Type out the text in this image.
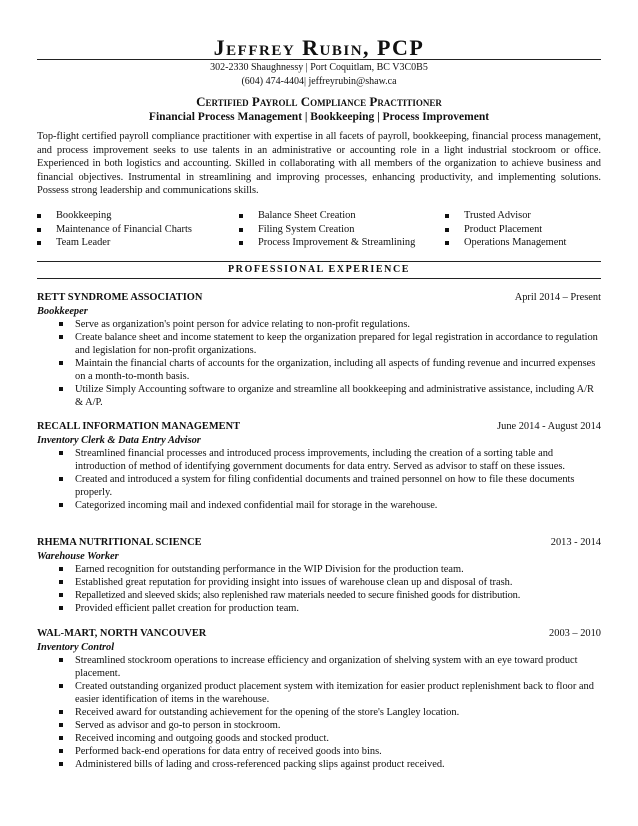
Jeffrey Rubin, PCP
302-2330 Shaughnessy | Port Coquitlam, BC V3C0B5
(604) 474-4404| jeffreyrubin@shaw.ca
Certified Payroll Compliance Practitioner
Financial Process Management | Bookkeeping | Process Improvement
Top-flight certified payroll compliance practitioner with expertise in all facets of payroll, bookkeeping, financial process management, and process improvement seeks to use talents in an administrative or accounting role in a light industrial stockroom or office. Experienced in both logistics and accounting. Skilled in collaborating with all members of the organization to achieve business and financial objectives. Instrumental in streamlining and improving processes, enhancing productivity, and implementing solutions. Possess strong leadership and communications skills.
Bookkeeping
Maintenance of Financial Charts
Team Leader
Balance Sheet Creation
Filing System Creation
Process Improvement & Streamlining
Trusted Advisor
Product Placement
Operations Management
PROFESSIONAL EXPERIENCE
RETT SYNDROME ASSOCIATION	April 2014 – Present
Bookkeeper
Serve as organization's point person for advice relating to non-profit regulations.
Create balance sheet and income statement to keep the organization prepared for legal registration in accordance to regulation and legislation for non-profit organizations.
Maintain the financial charts of accounts for the organization, including all aspects of funding revenue and incurred expenses on a month-to-month basis.
Utilize Simply Accounting software to organize and streamline all bookkeeping and administrative assistance, including A/R & A/P.
RECALL INFORMATION MANAGEMENT	June 2014 - August 2014
Inventory Clerk & Data Entry Advisor
Streamlined financial processes and introduced process improvements, including the creation of a sorting table and introduction of method of identifying government documents for data entry. Served as advisor to staff on these issues.
Created and introduced a system for filing confidential documents and trained personnel on how to file these documents properly.
Categorized incoming mail and indexed confidential mail for storage in the warehouse.
RHEMA NUTRITIONAL SCIENCE	2013 - 2014
Warehouse Worker
Earned recognition for outstanding performance in the WIP Division for the production team.
Established great reputation for providing insight into issues of warehouse clean up and disposal of trash.
Repalletized and sleeved skids; also replenished raw materials needed to secure finished goods for distribution.
Provided efficient pallet creation for production team.
WAL-MART, NORTH VANCOUVER	2003 – 2010
Inventory Control
Streamlined stockroom operations to increase efficiency and organization of shelving system with an eye toward product placement.
Created outstanding organized product placement system with itemization for easier product replenishment back to floor and easier identification of items in the warehouse.
Received award for outstanding achievement for the opening of the store's Langley location.
Served as advisor and go-to person in stockroom.
Received incoming and outgoing goods and stocked product.
Performed back-end operations for data entry of received goods into bins.
Administered bills of lading and cross-referenced packing slips against product received.
